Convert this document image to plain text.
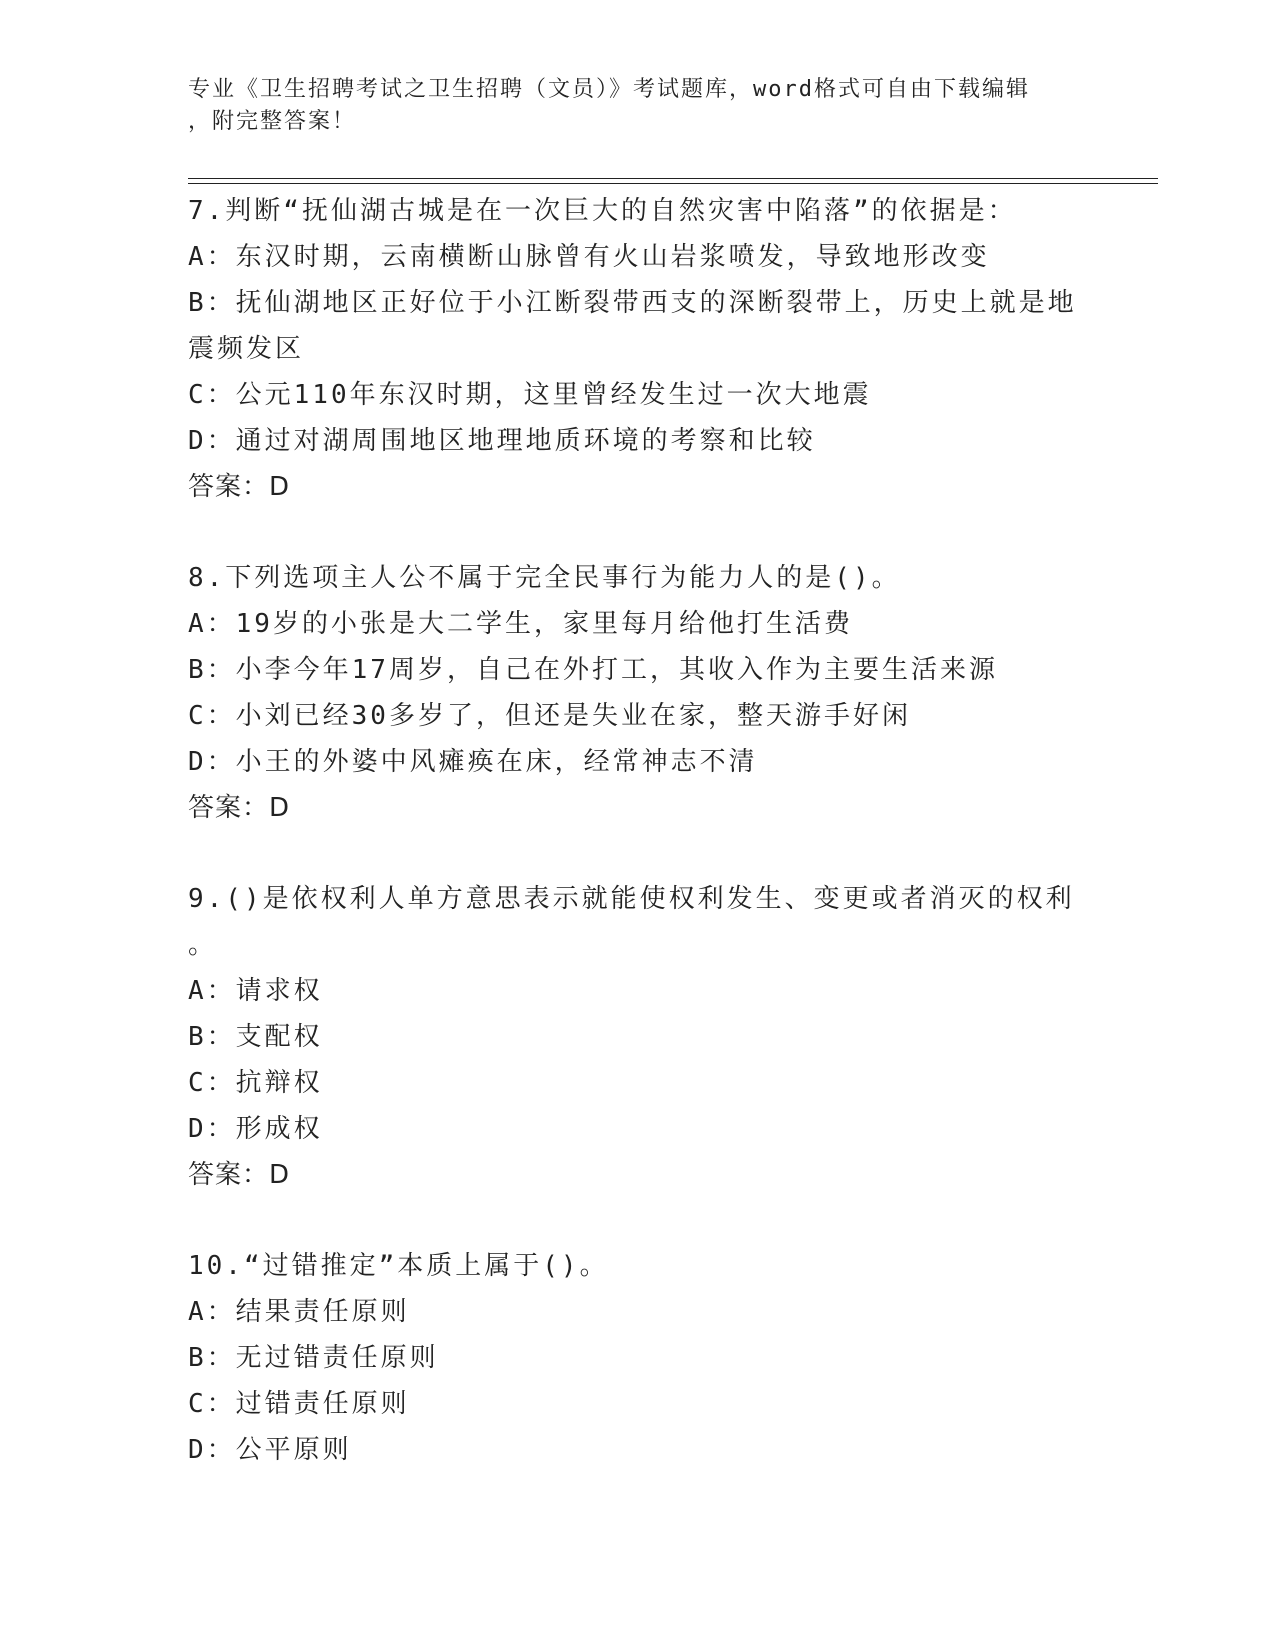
专业《卫生招聘考试之卫生招聘（文员）》考试题库，word格式可自由下载编辑
，附完整答案！

7.判断“抚仙湖古城是在一次巨大的自然灾害中陷落”的依据是：

A：东汉时期，云南横断山脉曾有火山岩浆喷发，导致地形改变

B：抚仙湖地区正好位于小江断裂带西支的深断裂带上，历史上就是地

震频发区

C：公元110年东汉时期，这里曾经发生过一次大地震

D：通过对湖周围地区地理地质环境的考察和比较

答案：D

8.下列选项主人公不属于完全民事行为能力人的是()。

A：19岁的小张是大二学生，家里每月给他打生活费

B：小李今年17周岁，自己在外打工，其收入作为主要生活来源

C：小刘已经30多岁了，但还是失业在家，整天游手好闲

D：小王的外婆中风瘫痪在床，经常神志不清

答案：D

9.()是依权利人单方意思表示就能使权利发生、变更或者消灭的权利

。

A：请求权

B：支配权

C：抗辩权

D：形成权

答案：D

10.“过错推定”本质上属于()。

A：结果责任原则

B：无过错责任原则

C：过错责任原则

D：公平原则
